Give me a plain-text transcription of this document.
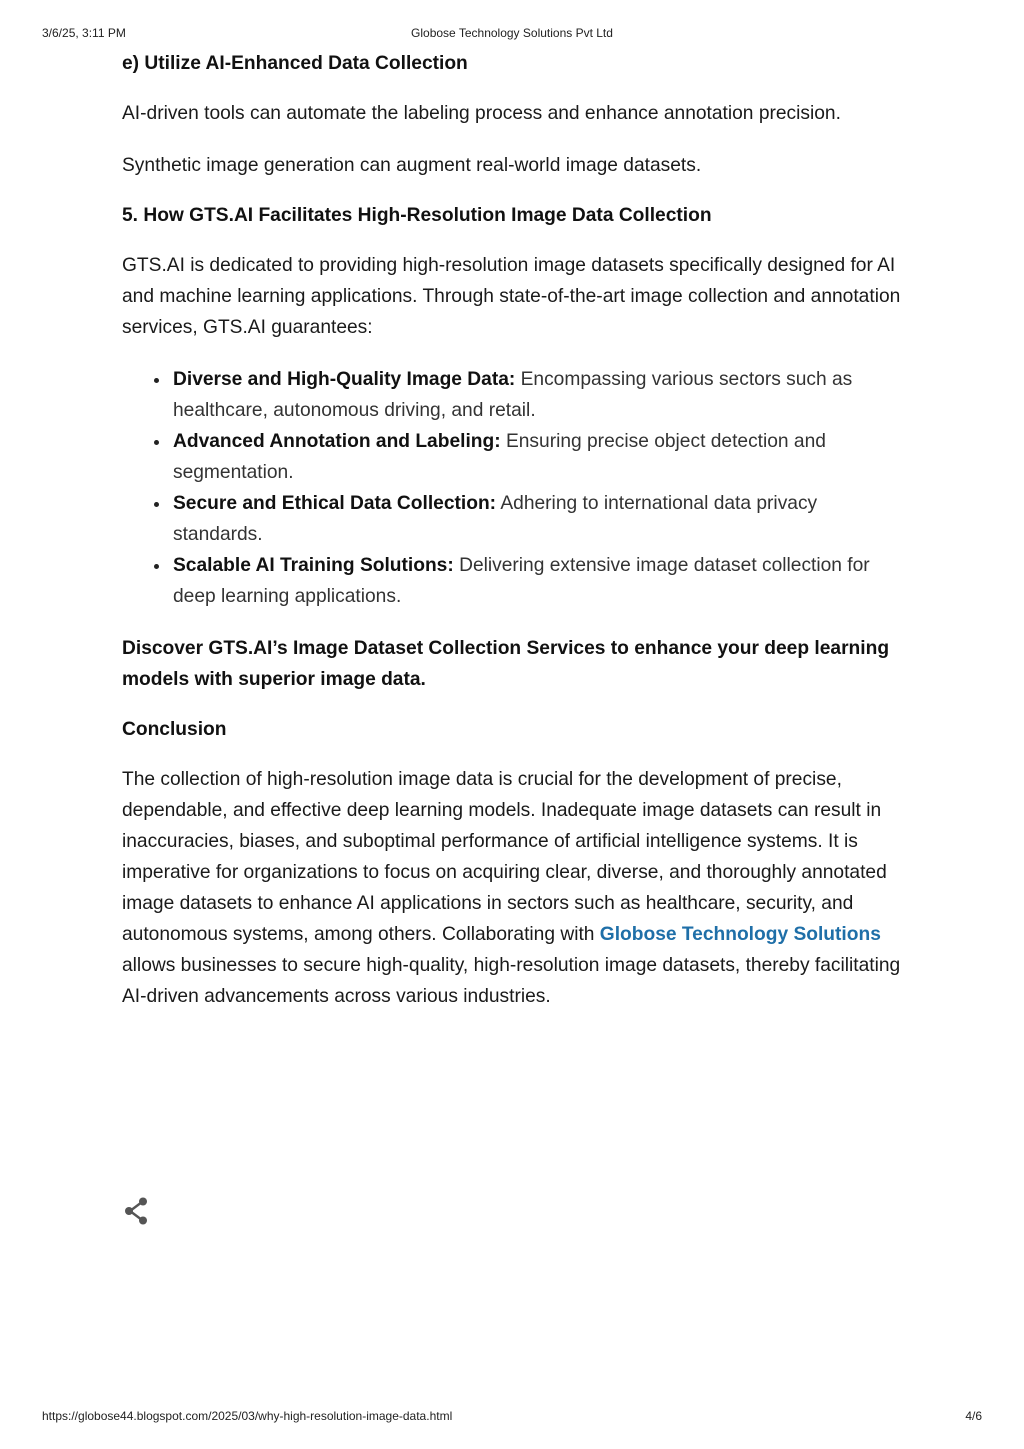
3/6/25, 3:11 PM	Globose Technology Solutions Pvt Ltd
e) Utilize AI-Enhanced Data Collection

AI-driven tools can automate the labeling process and enhance annotation precision.

Synthetic image generation can augment real-world image datasets.

5. How GTS.AI Facilitates High-Resolution Image Data Collection

GTS.AI is dedicated to providing high-resolution image datasets specifically designed for AI and machine learning applications. Through state-of-the-art image collection and annotation services, GTS.AI guarantees:

Diverse and High-Quality Image Data: Encompassing various sectors such as healthcare, autonomous driving, and retail.
Advanced Annotation and Labeling: Ensuring precise object detection and segmentation.
Secure and Ethical Data Collection: Adhering to international data privacy standards.
Scalable AI Training Solutions: Delivering extensive image dataset collection for deep learning applications.

Discover GTS.AI’s Image Dataset Collection Services to enhance your deep learning models with superior image data.

Conclusion

The collection of high-resolution image data is crucial for the development of precise, dependable, and effective deep learning models. Inadequate image datasets can result in inaccuracies, biases, and suboptimal performance of artificial intelligence systems. It is imperative for organizations to focus on acquiring clear, diverse, and thoroughly annotated image datasets to enhance AI applications in sectors such as healthcare, security, and autonomous systems, among others. Collaborating with Globose Technology Solutions allows businesses to secure high-quality, high-resolution image datasets, thereby facilitating AI-driven advancements across various industries.

https://globose44.blogspot.com/2025/03/why-high-resolution-image-data.html	4/6
